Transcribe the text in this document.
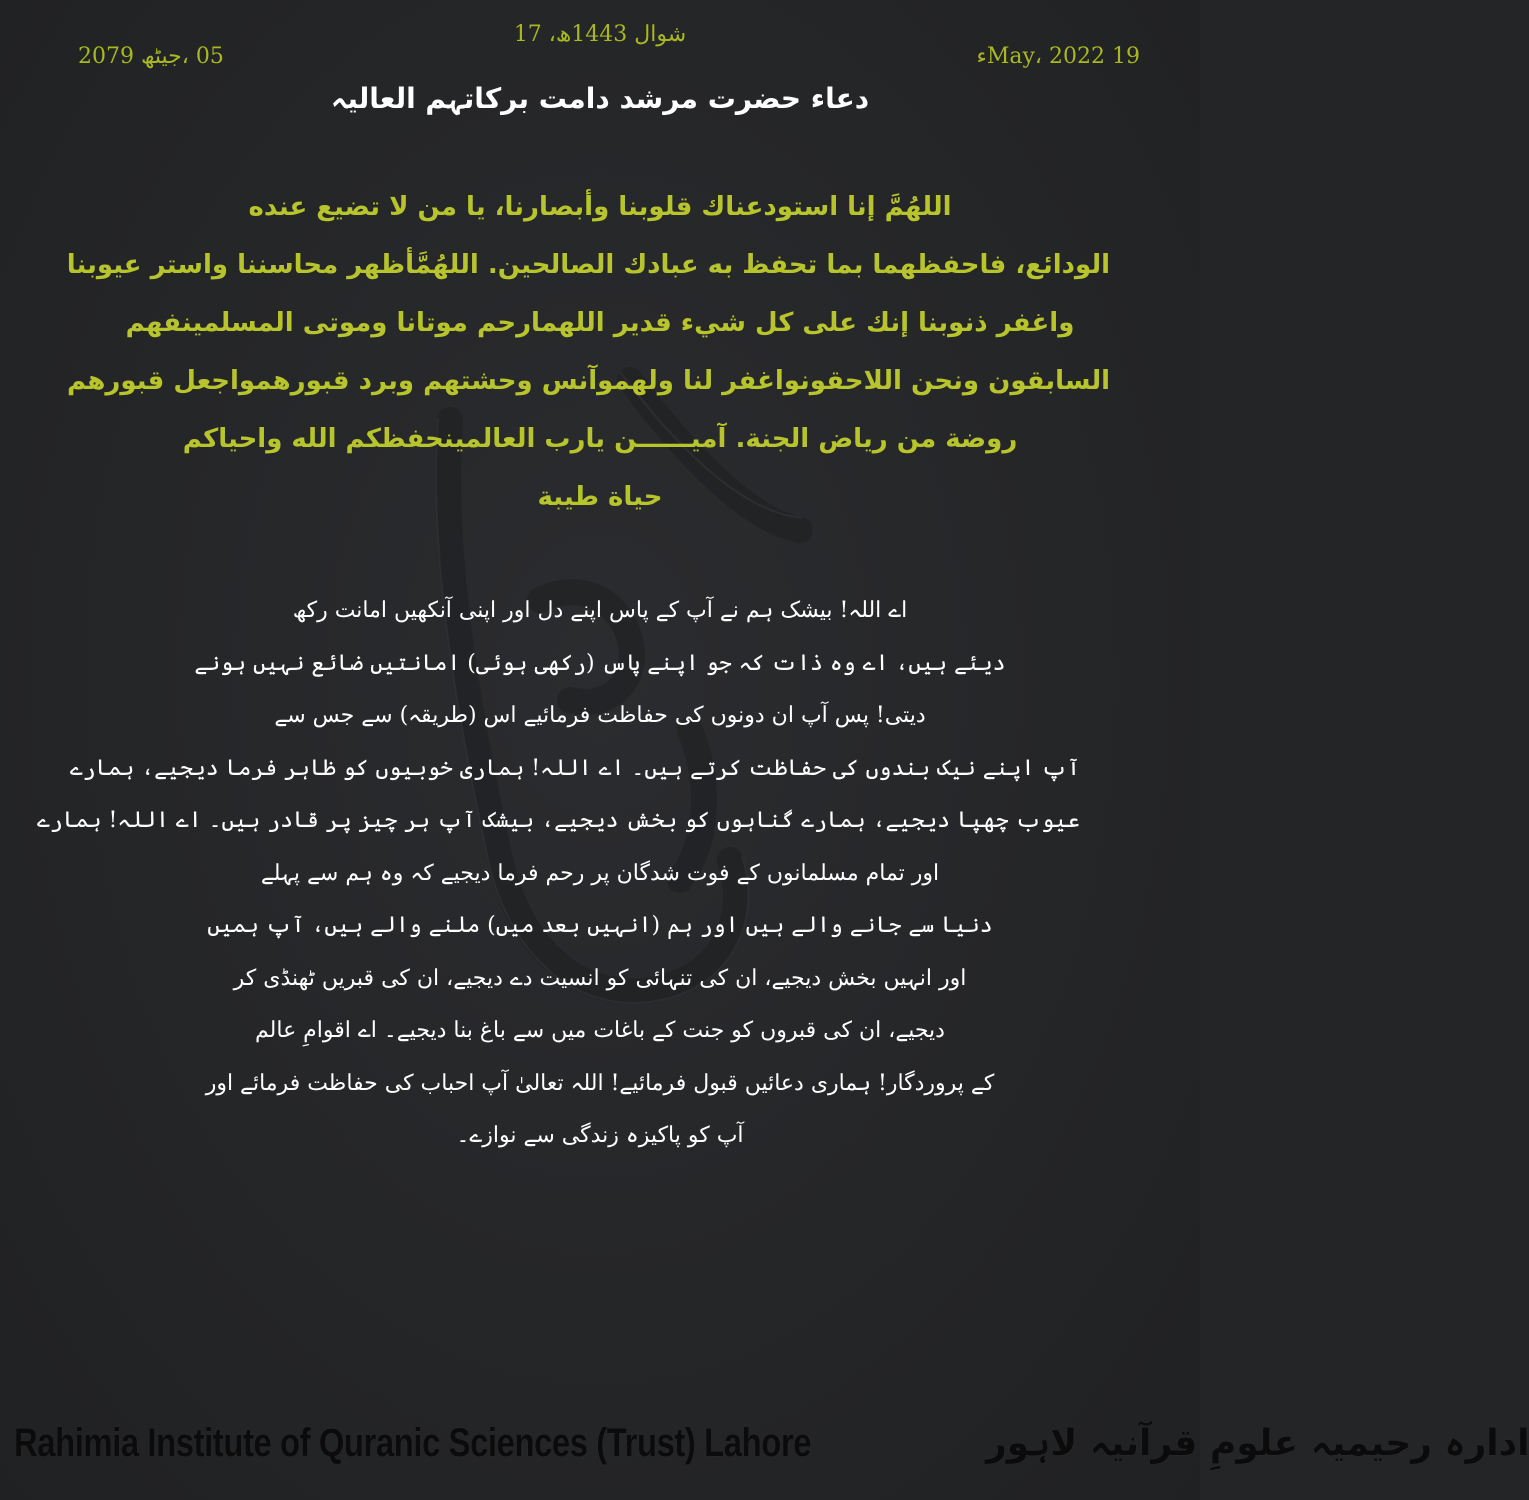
17 ،شوال 1443ھ
05 ،جیٹھ 2079	19 May، 2022ء
دعاء حضرت مرشد دامت برکاتہم العالیہ
اللهُمَّ إنا استودعناك قلوبنا وأبصارنا، يا من لا تضيع عنده
الودائع، فاحفظهما بما تحفظ به عبادك الصالحين. اللهُمَّأظهر محاسننا واستر عيوبنا
واغفر ذنوبنا إنك على كل شيء قدير اللهمارحم موتانا وموتى المسلمينفهم
السابقون ونحن اللاحقونواغفر لنا ولهموآنس وحشتهم وبرد قبورهمواجعل قبورهم
روضة من رياض الجنة. آميــــــن يارب العالمينحفظكم الله واحياكم
حياة طيبة
اے اللہ! بیشک ہم نے آپ کے پاس اپنے دل اور اپنی آنکھیں امانت رکھ
دیئے ہیں، اے وہ ذات کہ جو اپنے پاس (رکھی ہوئی) امانتیں ضائع نہیں ہونے
دیتی! پس آپ ان دونوں کی حفاظت فرمائیے اس (طریقہ) سے جس سے
آپ اپنے نیک بندوں کی حفاظت کرتے ہیں۔ اے اللہ! ہماری خوبیوں کو ظاہر فرما دیجیے، ہمارے
عیوب چھپا دیجیے، ہمارے گناہوں کو بخش دیجیے، بیشک آپ ہر چیز پر قادر ہیں۔ اے اللہ! ہمارے
اور تمام مسلمانوں کے فوت شدگان پر رحم فرما دیجیے کہ وہ ہم سے پہلے
دنیا سے جانے والے ہیں اور ہم (انہیں بعد میں) ملنے والے ہیں، آپ ہمیں
اور انہیں بخش دیجیے، ان کی تنہائی کو انسیت دے دیجیے، ان کی قبریں ٹھنڈی کر
دیجیے، ان کی قبروں کو جنت کے باغات میں سے باغ بنا دیجیے۔ اے اقوامِ عالم
کے پروردگار! ہماری دعائیں قبول فرمائیے! اللہ تعالیٰ آپ احباب کی حفاظت فرمائے اور
آپ کو پاکیزہ زندگی سے نوازے۔
Rahimia Institute of Quranic Sciences (Trust) Lahore	ادارہ رحیمیہ علومِ قرآنیہ لاہور
